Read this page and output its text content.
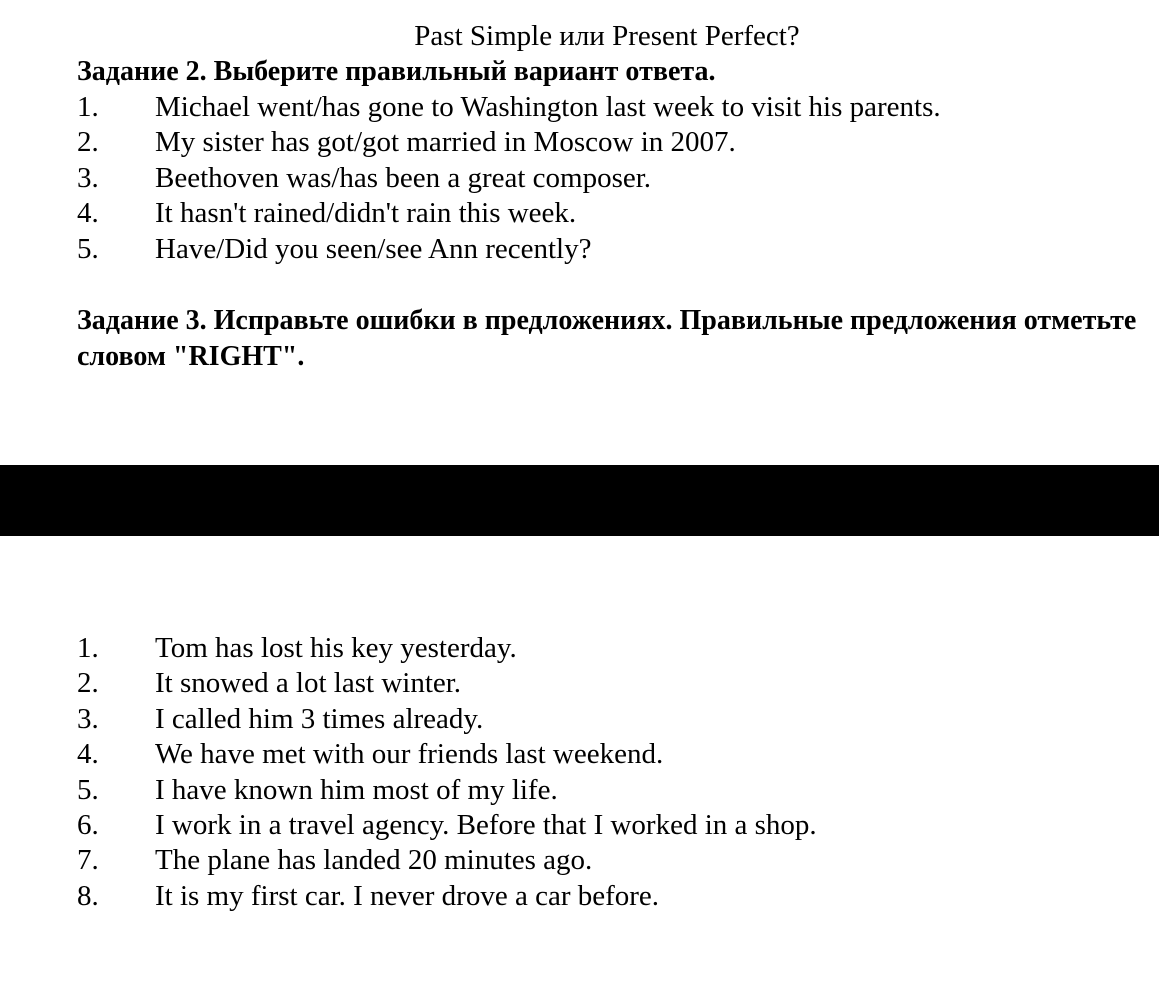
Past Simple или Present Perfect?
Задание 2. Выберите правильный вариант ответа.
1. Michael went/has gone to Washington last week to visit his parents.
2. My sister has got/got married in Moscow in 2007.
3. Beethoven was/has been a great composer.
4. It hasn't rained/didn't rain this week.
5. Have/Did you seen/see Ann recently?
Задание 3. Исправьте ошибки в предложениях. Правильные предложения отметьте словом "RIGHT".
1. Tom has lost his key yesterday.
2. It snowed a lot last winter.
3. I called him 3 times already.
4. We have met with our friends last weekend.
5. I have known him most of my life.
6. I work in a travel agency. Before that I worked in a shop.
7. The plane has landed 20 minutes ago.
8. It is my first car. I never drove a car before.
